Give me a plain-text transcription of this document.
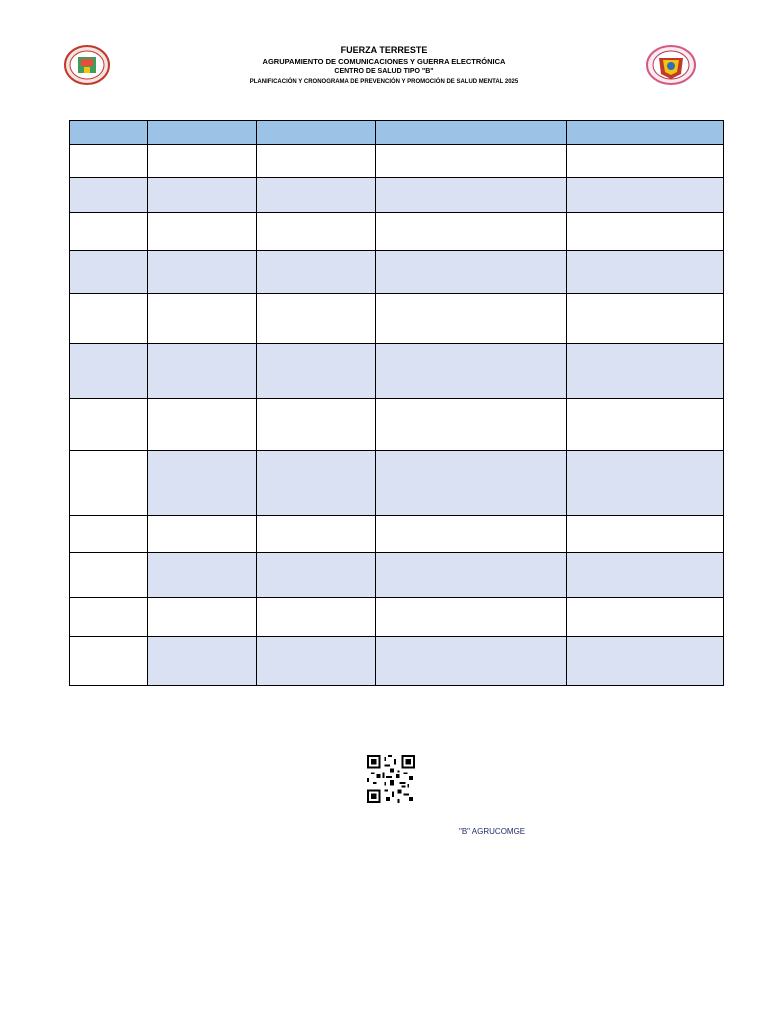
FUERZA TERRESTE
AGRUPAMIENTO DE COMUNICACIONES Y GUERRA ELECTRÓNICA
CENTRO DE SALUD TIPO "B"
PLANIFICACIÓN Y CRONOGRAMA DE PREVENCIÓN Y PROMOCIÓN DE SALUD MENTAL 2025
"B" AGRUCOMGE
